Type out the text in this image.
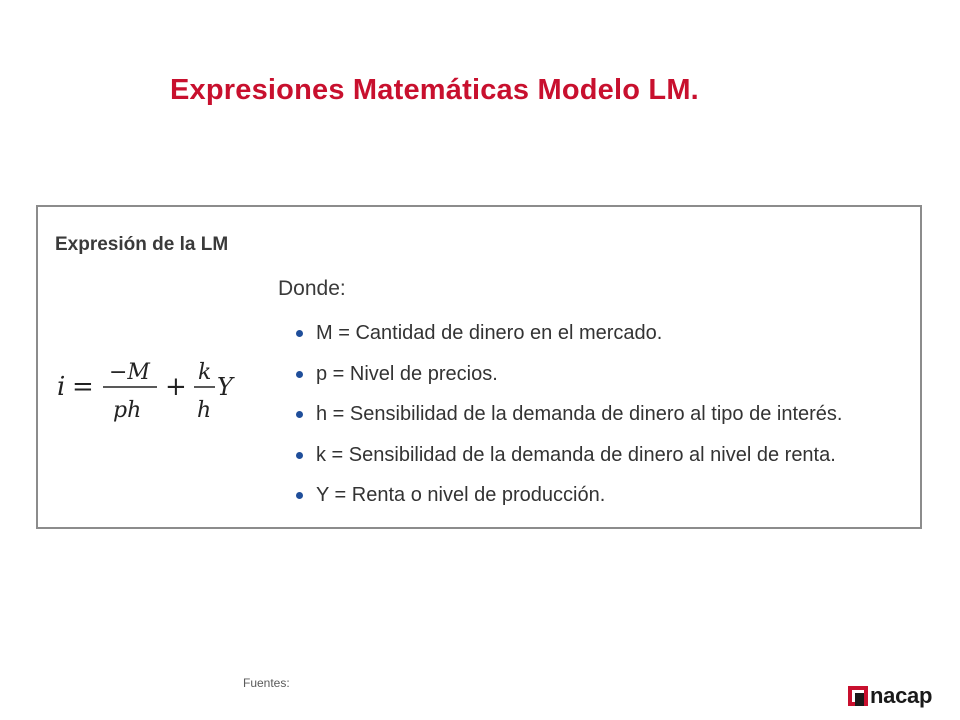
Expresiones Matemáticas Modelo LM.
Expresión de la LM
i = −M
ph
+ k
h
Y
Donde:
M = Cantidad de dinero en el mercado.
p = Nivel de precios.
h = Sensibilidad de la demanda de dinero al tipo de interés.
k = Sensibilidad de la demanda de dinero al nivel de renta.
Y = Renta o nivel de producción.
Fuentes:	nacap
